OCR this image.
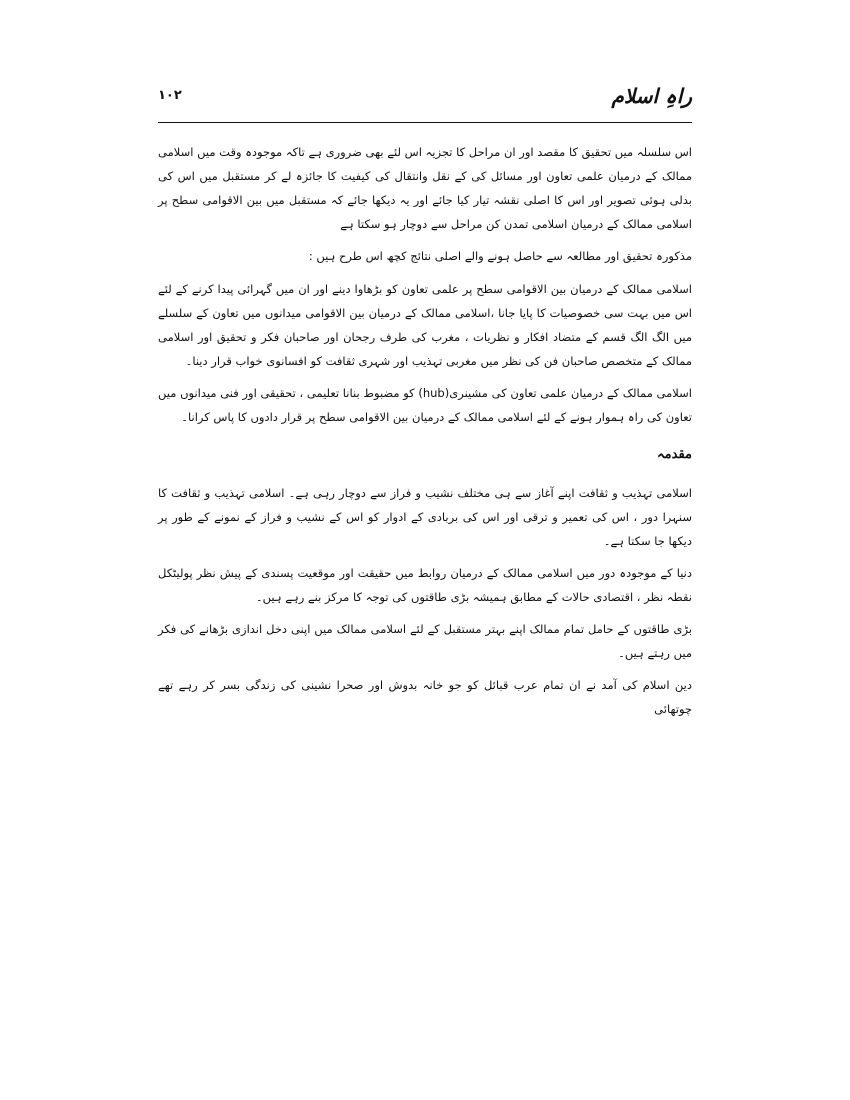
راہِ اسلام
۱۰۲

اس سلسلہ میں تحقیق کا مقصد اور ان مراحل کا تجزیہ اس لئے بھی ضروری ہے تاکہ موجودہ وقت میں اسلامی ممالک کے درمیان علمی تعاون اور مسائل کی کے نقل وانتقال کی کیفیت کا جائزہ لے کر مستقبل میں اس کی بدلی ہوئی تصویر اور اس کا اصلی نقشہ تیار کیا جائے اور یہ دیکھا جائے کہ مستقبل میں بین الاقوامی سطح پر اسلامی ممالک کے درمیان اسلامی تمدن کن مراحل سے دوچار ہو سکتا ہے

مذکورہ تحقیق اور مطالعہ سے حاصل ہونے والے اصلی نتائج کچھ اس طرح ہیں :

اسلامی ممالک کے درمیان بین الاقوامی سطح پر علمی تعاون کو بڑھاوا دینے اور ان میں گہرائی پیدا کرنے کے لئے اس میں بہت سی خصوصیات کا پایا جانا ،اسلامی ممالک کے درمیان بین الاقوامی میدانوں میں تعاون کے سلسلے میں الگ الگ قسم کے متضاد افکار و نظریات ، مغرب کی طرف رجحان اور صاحبان فکر و تحقیق اور اسلامی ممالک کے متخصص صاحبان فن کی نظر میں مغربی تہذیب اور شہری ثقافت کو افسانوی خواب قرار دینا۔

اسلامی ممالک کے درمیان علمی تعاون کی مشینری(hub) کو مضبوط بنانا تعلیمی ، تحقیقی اور فنی میدانوں میں تعاون کی راہ ہموار ہونے کے لئے اسلامی ممالک کے درمیان بین الاقوامی سطح پر قرار دادوں کا پاس کرانا۔

مقدمہ

اسلامی تہذیب و ثقافت اپنے آغاز سے ہی مختلف نشیب و فراز سے دوچار رہی ہے۔ اسلامی تہذیب و ثقافت کا سنہرا دور ، اس کی تعمیر و ترقی اور اس کی بربادی کے ادوار کو اس کے نشیب و فراز کے نمونے کے طور پر دیکھا جا سکتا ہے۔

دنیا کے موجودہ دور میں اسلامی ممالک کے درمیان روابط میں حقیقت اور موقعیت پسندی کے پیش نظر پولیٹکل نقطہ نظر ، اقتصادی حالات کے مطابق ہمیشہ بڑی طاقتوں کی توجہ کا مرکز بنے رہے ہیں۔

بڑی طاقتوں کے حامل تمام ممالک اپنے بہتر مستقبل کے لئے اسلامی ممالک میں اپنی دخل اندازی بڑھانے کی فکر میں رہتے ہیں۔

دین اسلام کی آمد نے ان تمام عرب قبائل کو جو خانہ بدوش اور صحرا نشینی کی زندگی بسر کر رہے تھے چوتھائی
